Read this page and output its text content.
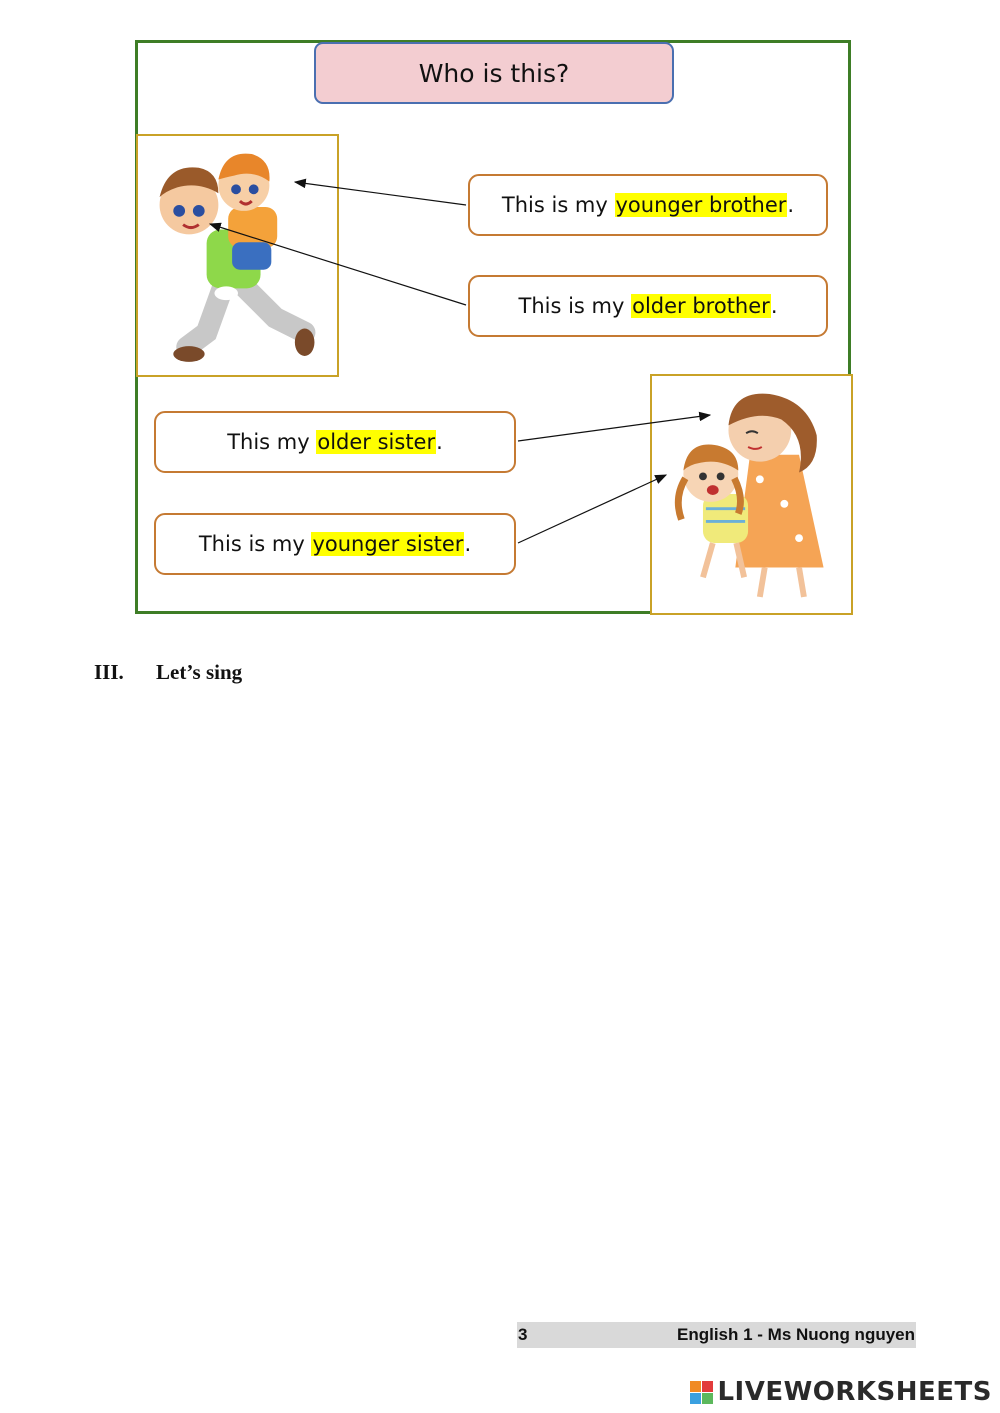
Who is this?
This is my younger brother .
This is my older brother .
This my older sister .
This is my younger sister .
III. Let’s sing
3	English 1 - Ms Nuong nguyen
LIVEWORKSHEETS
